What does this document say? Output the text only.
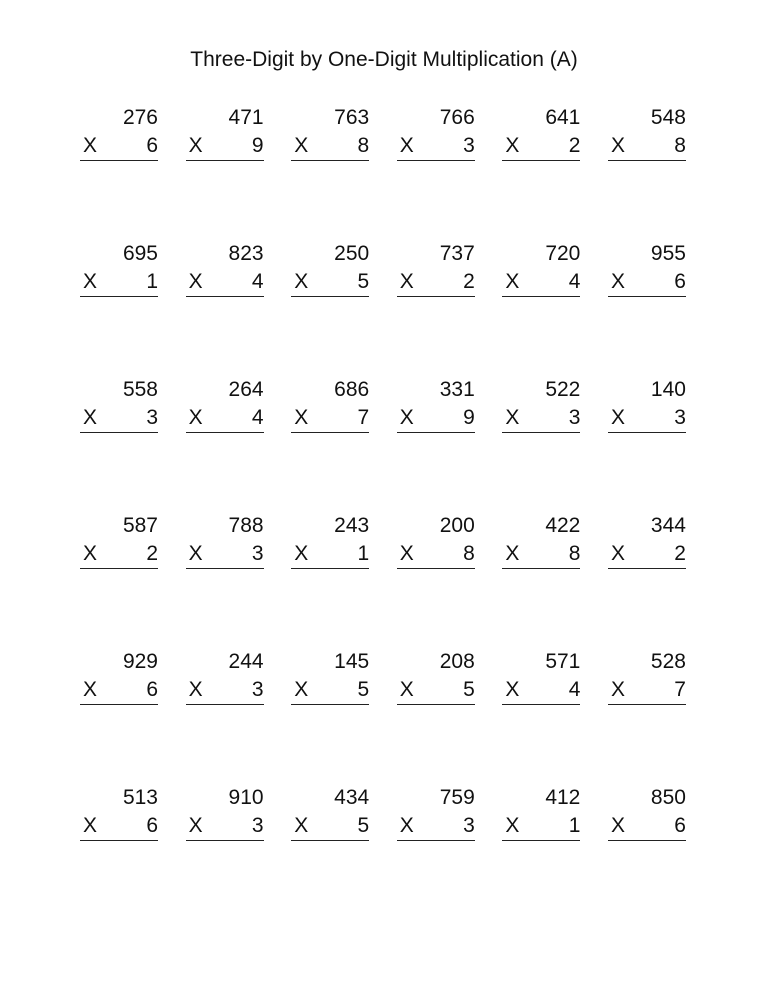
Three-Digit by One-Digit Multiplication (A)
276
X 6
471
X 9
763
X 8
766
X 3
641
X 2
548
X 8
695
X 1
823
X 4
250
X 5
737
X 2
720
X 4
955
X 6
558
X 3
264
X 4
686
X 7
331
X 9
522
X 3
140
X 3
587
X 2
788
X 3
243
X 1
200
X 8
422
X 8
344
X 2
929
X 6
244
X 3
145
X 5
208
X 5
571
X 4
528
X 7
513
X 6
910
X 3
434
X 5
759
X 3
412
X 1
850
X 6
